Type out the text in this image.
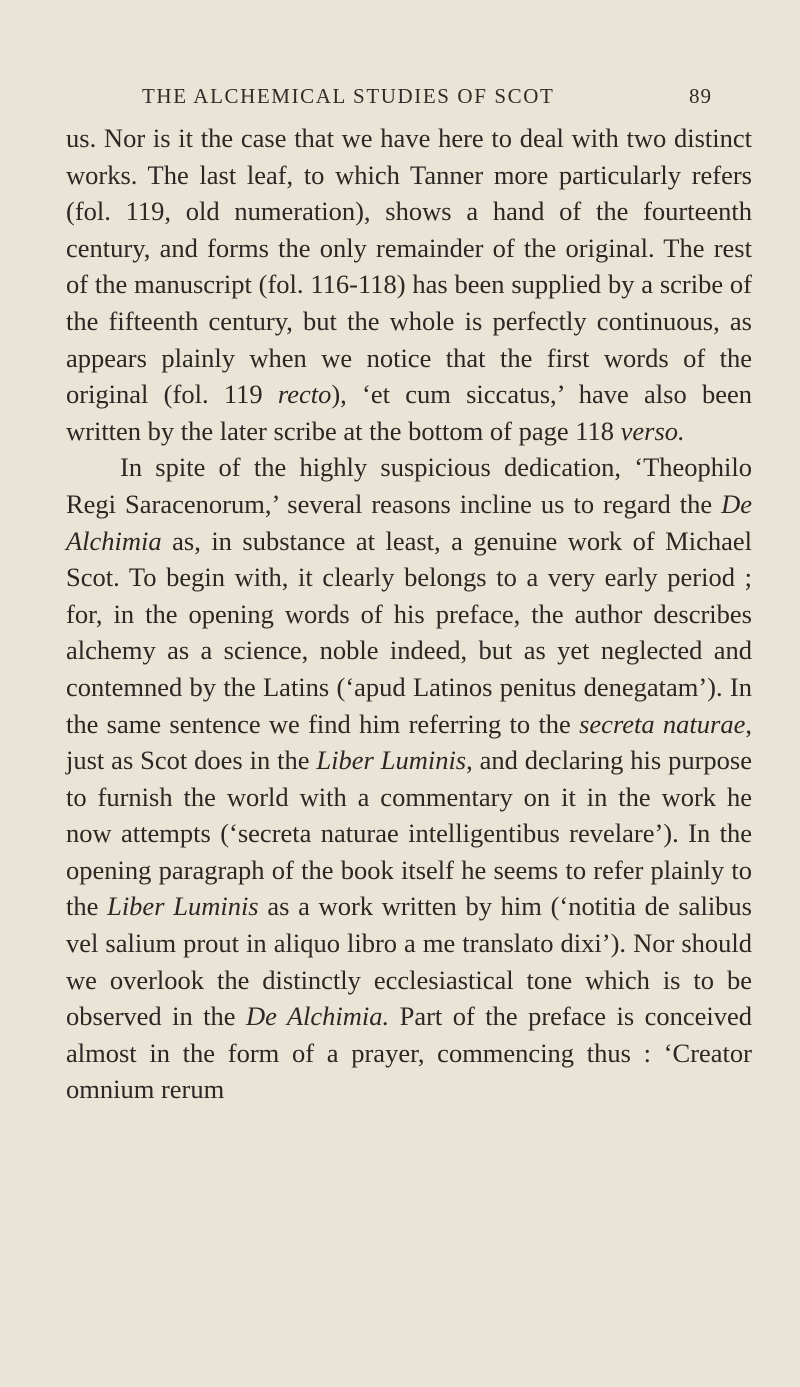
THE ALCHEMICAL STUDIES OF SCOT	89

us. Nor is it the case that we have here to deal with two distinct works. The last leaf, to which Tanner more particularly refers (fol. 119, old numeration), shows a hand of the fourteenth century, and forms the only remainder of the original. The rest of the manuscript (fol. 116-118) has been supplied by a scribe of the fifteenth century, but the whole is perfectly continuous, as appears plainly when we notice that the first words of the original (fol. 119 recto), ‘et cum siccatus,’ have also been written by the later scribe at the bottom of page 118 verso.

In spite of the highly suspicious dedication, ‘Theophilo Regi Saracenorum,’ several reasons incline us to regard the De Alchimia as, in substance at least, a genuine work of Michael Scot. To begin with, it clearly belongs to a very early period ; for, in the opening words of his preface, the author describes alchemy as a science, noble indeed, but as yet neglected and contemned by the Latins (‘apud Latinos penitus denegatam’). In the same sentence we find him referring to the secreta naturae, just as Scot does in the Liber Luminis, and declaring his purpose to furnish the world with a commentary on it in the work he now attempts (‘secreta naturae intelligentibus revelare’). In the opening paragraph of the book itself he seems to refer plainly to the Liber Luminis as a work written by him (‘notitia de salibus vel salium prout in aliquo libro a me translato dixi’). Nor should we overlook the distinctly ecclesiastical tone which is to be observed in the De Alchimia. Part of the preface is conceived almost in the form of a prayer, commencing thus : ‘Creator omnium rerum
